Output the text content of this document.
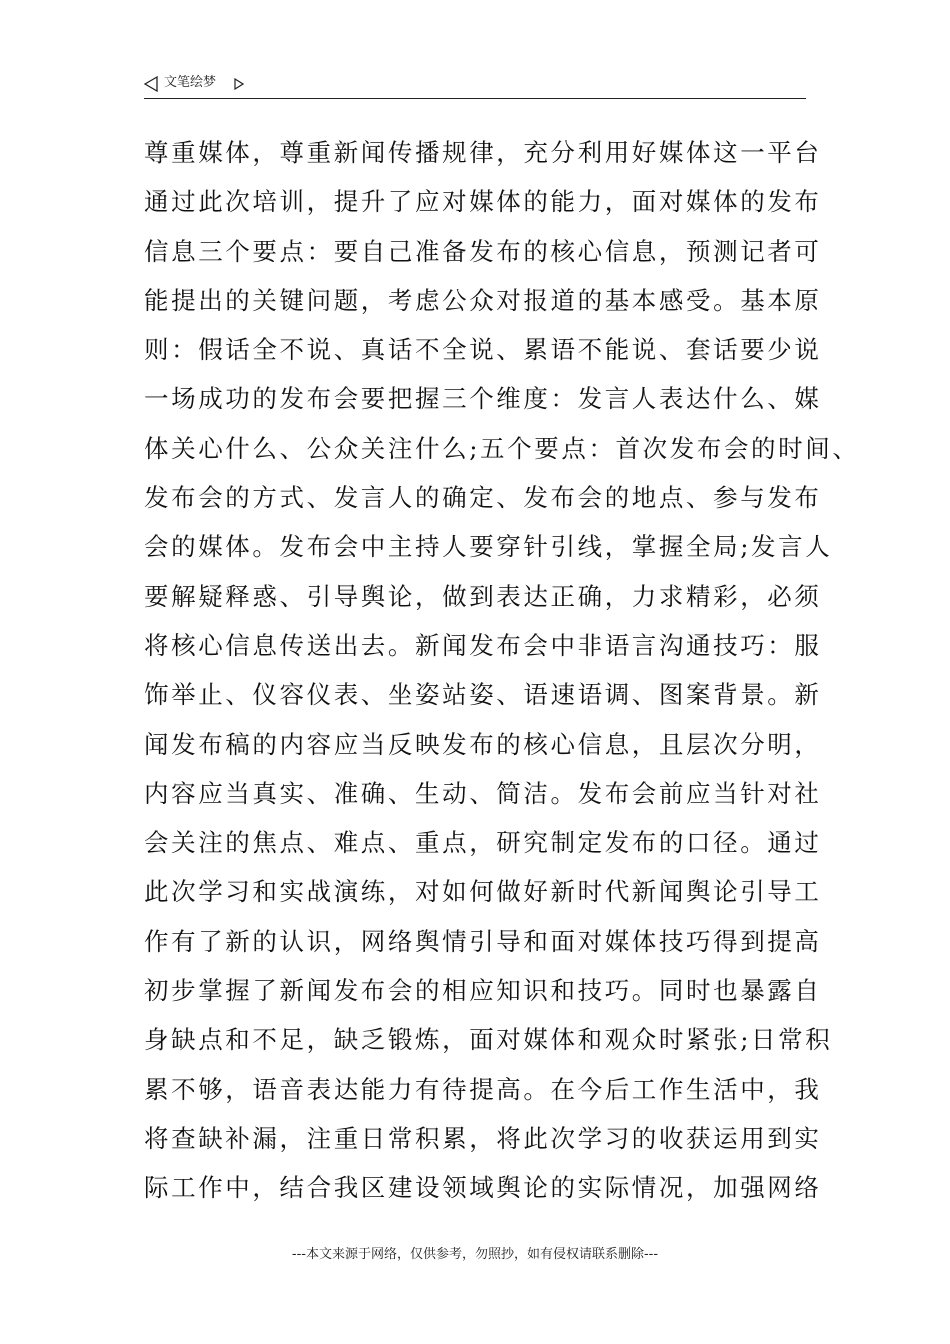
文笔绘梦
尊重媒体，尊重新闻传播规律，充分利用好媒体这一平台
通过此次培训，提升了应对媒体的能力，面对媒体的发布
信息三个要点：要自己准备发布的核心信息，预测记者可
能提出的关键问题，考虑公众对报道的基本感受。基本原
则：假话全不说、真话不全说、累语不能说、套话要少说
一场成功的发布会要把握三个维度：发言人表达什么、媒
体关心什么、公众关注什么;五个要点：首次发布会的时间、
发布会的方式、发言人的确定、发布会的地点、参与发布
会的媒体。发布会中主持人要穿针引线，掌握全局;发言人
要解疑释惑、引导舆论，做到表达正确，力求精彩，必须
将核心信息传送出去。新闻发布会中非语言沟通技巧：服
饰举止、仪容仪表、坐姿站姿、语速语调、图案背景。新
闻发布稿的内容应当反映发布的核心信息，且层次分明，
内容应当真实、准确、生动、简洁。发布会前应当针对社
会关注的焦点、难点、重点，研究制定发布的口径。通过
此次学习和实战演练，对如何做好新时代新闻舆论引导工
作有了新的认识，网络舆情引导和面对媒体技巧得到提高
初步掌握了新闻发布会的相应知识和技巧。同时也暴露自
身缺点和不足，缺乏锻炼，面对媒体和观众时紧张;日常积
累不够，语音表达能力有待提高。在今后工作生活中，我
将查缺补漏，注重日常积累，将此次学习的收获运用到实
际工作中，结合我区建设领域舆论的实际情况，加强网络
---本文来源于网络，仅供参考，勿照抄，如有侵权请联系删除---
